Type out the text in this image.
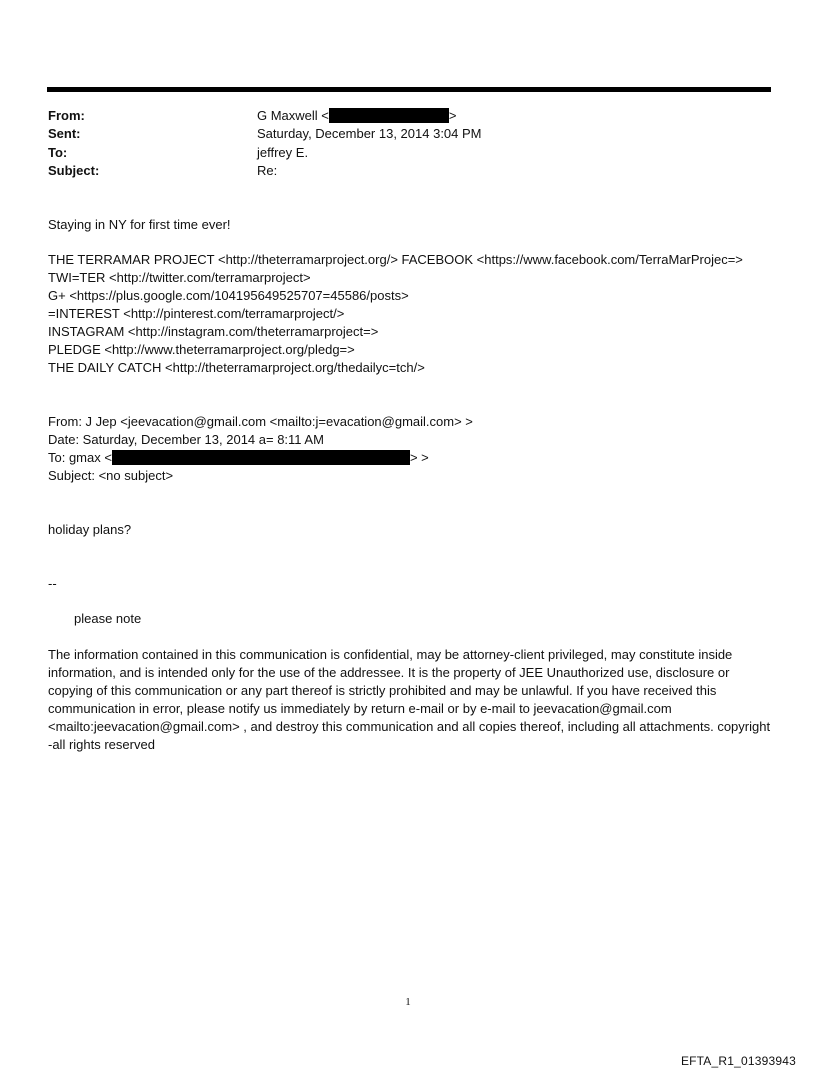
From:	G Maxwell <	>
Sent:	Saturday, December 13, 2014 3:04 PM
To:	jeffrey E.
Subject:	Re:
Staying in NY for first time ever!
THE TERRAMAR PROJECT <http://theterramarproject.org/> FACEBOOK <https://www.facebook.com/TerraMarProjec=>
TWI=TER <http://twitter.com/terramarproject>
G+ <https://plus.google.com/104195649525707=45586/posts>
=INTEREST <http://pinterest.com/terramarproject/>
INSTAGRAM <http://instagram.com/theterramarproject=>
PLEDGE <http://www.theterramarproject.org/pledg=>
THE DAILY CATCH <http://theterramarproject.org/thedailyc=tch/>
From: J Jep <jeevacation@gmail.com <mailto:j=evacation@gmail.com> >
Date: Saturday, December 13, 2014 a= 8:11 AM
To: gmax <	> >
Subject: <no subject>
holiday plans?
--
please note
The information contained in this communication is confidential, may be attorney-client privileged, may constitute inside information, and is intended only for the use of the addressee. It is the property of JEE Unauthorized use, disclosure or copying of this communication or any part thereof is strictly prohibited and may be unlawful. If you have received this communication in error, please notify us immediately by return e-mail or by e-mail to jeevacation@gmail.com <mailto:jeevacation@gmail.com> , and destroy this communication and all copies thereof, including all attachments. copyright -all rights reserved
1
EFTA_R1_01393943
